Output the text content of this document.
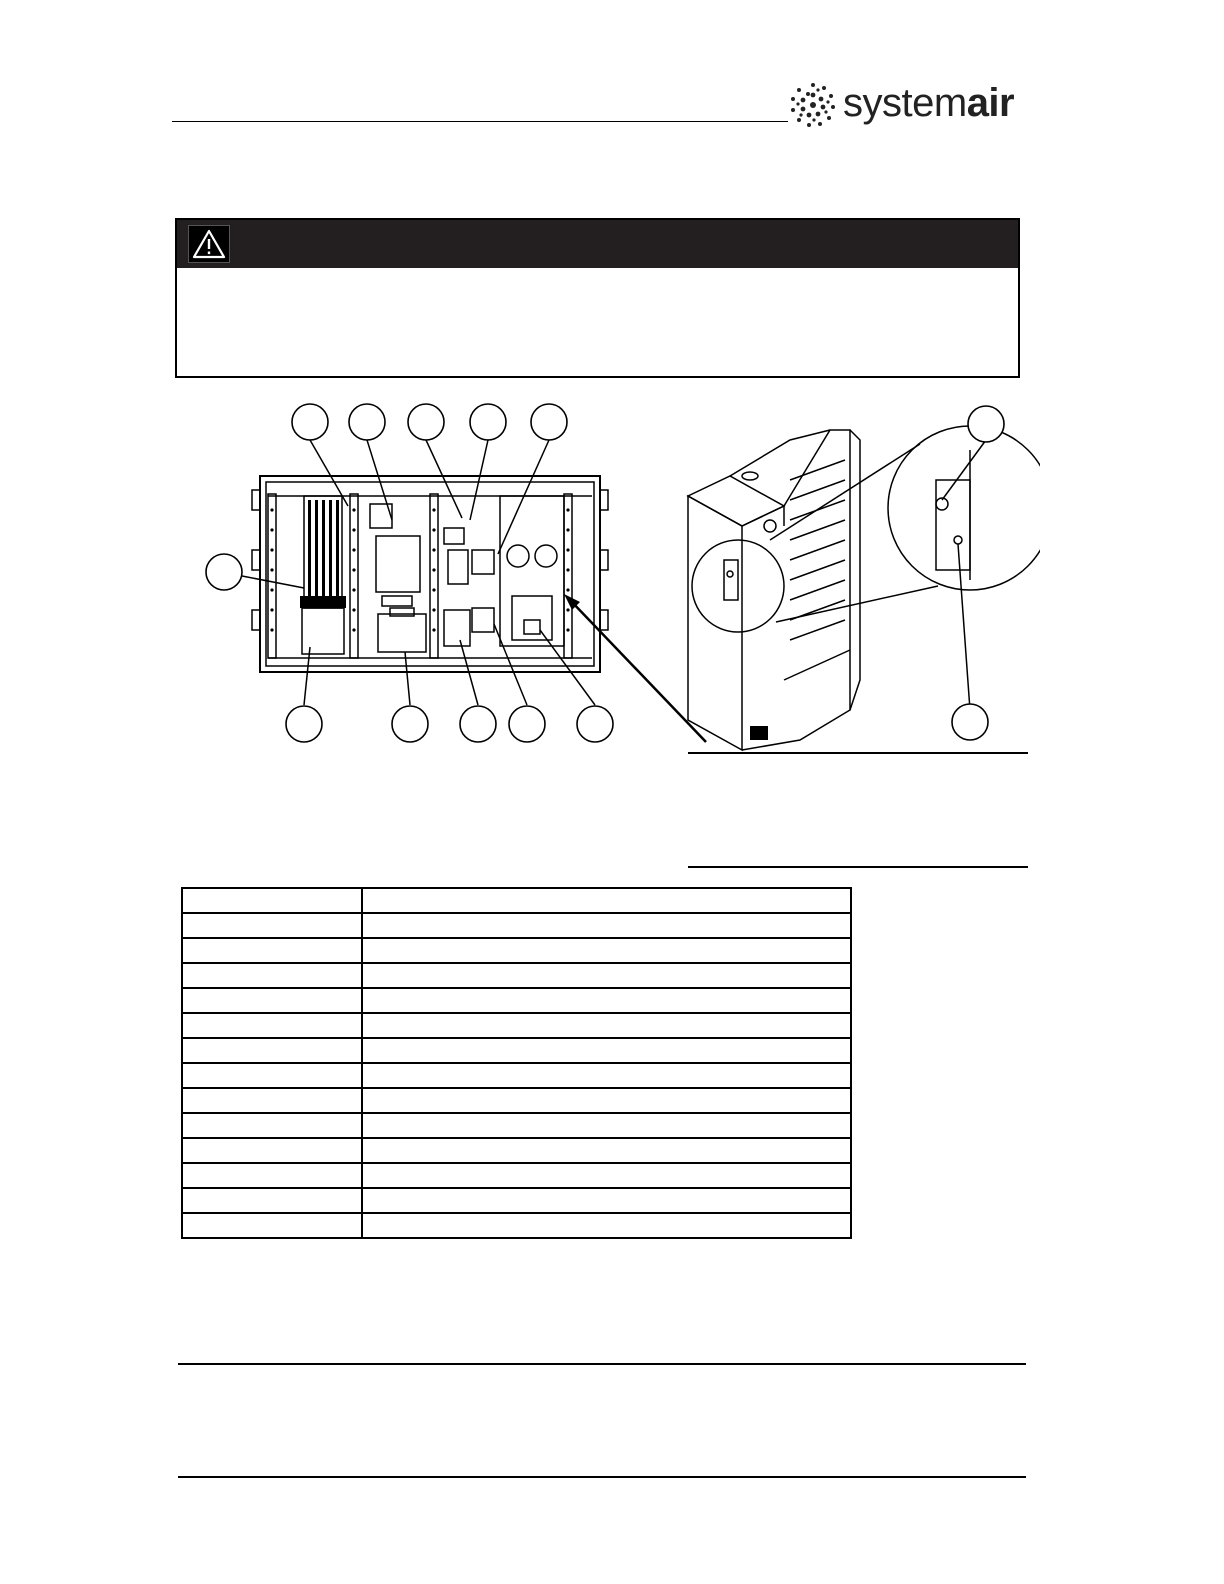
systemair
